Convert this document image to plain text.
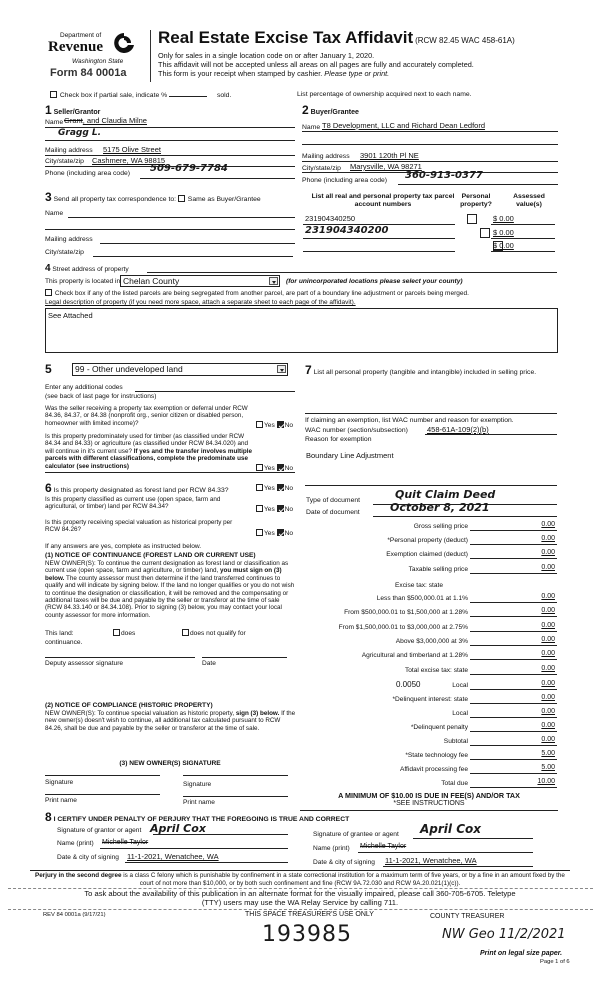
Department of
Revenue
Washington State
Form 84 0001a
Real Estate Excise Tax Affidavit (RCW 82.45 WAC 458-61A)
Only for sales in a single location code on or after January 1, 2020.
This affidavit will not be accepted unless all areas on all pages are fully and accurately completed.
This form is your receipt when stamped by cashier. Please type or print.
Check box if partial sale, indicate %	sold.	List percentage of ownership acquired next to each name.
1 Seller/Grantor
Name Grant, and Claudia Milne
Gragg L.
Mailing address 5175 Olive Street
City/state/zip Cashmere, WA 98815
Phone (including area code) 509-679-7784
3 Send all property tax correspondence to: Same as Buyer/Grantee
Name
Mailing address
City/state/zip
2 Buyer/Grantee
Name T8 Development, LLC and Richard Dean Ledford
Mailing address 3901 120th Pl NE
City/state/zip Marysville, WA 98271
Phone (including area code) 360-913-0377
List all real and personal property tax parcel account numbers
Personal property?
Assessed value(s)
231904340250
	$ 0.00
231904340200
	$ 0.00
$ 0.00
4 Street address of property
This property is located in Chelan County	(for unincorporated locations please select your county)
Check box if any of the listed parcels are being segregated from another parcel, are part of a boundary line adjustment or parcels being merged.
Legal description of property (if you need more space, attach a separate sheet to each page of the affidavit).
See Attached
5	99 - Other undeveloped land
Enter any additional codes
(see back of last page for instructions)
Was the seller receiving a property tax exemption or deferral under RCW 84.36, 84.37, or 84.38 (nonprofit org., senior citizen or disabled person, homeowner with limited income)?	Yes No
Is this property predominately used for timber (as classified under RCW 84.34 and 84.33) or agriculture (as classified under RCW 84.34.020) and will continue in it's current use? If yes and the transfer involves multiple parcels with different classifications, complete the predominate use calculator (see instructions)	Yes No
6 Is this property designated as forest land per RCW 84.33?	Yes No
Is this property classified as current use (open space, farm and agricultural, or timber) land per RCW 84.34?	Yes No
Is this property receiving special valuation as historical property per RCW 84.26?
Yes No
If any answers are yes, complete as instructed below.
(1) NOTICE OF CONTINUANCE (FOREST LAND OR CURRENT USE)
NEW OWNER(S): To continue the current designation as forest land or classification as current use (open space, farm and agriculture, or timber) land, you must sign on (3) below. The county assessor must then determine if the land transferred continues to qualify and will indicate by signing below. If the land no longer qualifies or you do not wish to continue the designation or classification, it will be removed and the compensating or additional taxes will be due and payable by the seller or transferor at the time of sale (RCW 84.33.140 or 84.34.108). Prior to signing (3) below, you may contact your local county assessor for more information.
This land:	does	does not qualify for
continuance.
Deputy assessor signature	Date
(2) NOTICE OF COMPLIANCE (HISTORIC PROPERTY)
NEW OWNER(S): To continue special valuation as historic property, sign (3) below. If the new owner(s) doesn't wish to continue, all additional tax calculated pursuant to RCW 84.26, shall be due and payable by the seller or transferor at the time of sale.
(3) NEW OWNER(S) SIGNATURE
Signature	Signature
Print name	Print name
7 List all personal property (tangible and intangible) included in selling price.
If claiming an exemption, list WAC number and reason for exemption.
WAC number (section/subsection)	458-61A-109(2)(b)
Reason for exemption
Boundary Line Adjustment
Type of document	Quit Claim Deed
Date of document	October 8, 2021
Gross selling price	0.00
*Personal property (deduct)	0.00
Exemption claimed (deduct)	0.00
Taxable selling price	0.00
Excise tax: state
Less than $500,000.01 at 1.1%	0.00
From $500,000.01 to $1,500,000 at 1.28%	0.00
From $1,500,000.01 to $3,000,000 at 2.75%	0.00
Above $3,000,000 at 3%	0.00
Agricultural and timberland at 1.28%	0.00
Total excise tax: state	0.00
0.0050	Local	0.00
*Delinquent interest: state	0.00
Local	0.00
*Delinquent penalty	0.00
Subtotal	0.00
*State technology fee	5.00
Affidavit processing fee	5.00
Total due	10.00
A MINIMUM OF $10.00 IS DUE IN FEE(S) AND/OR TAX
*SEE INSTRUCTIONS
8 I CERTIFY UNDER PENALTY OF PERJURY THAT THE FOREGOING IS TRUE AND CORRECT
Signature of grantor or agent April Cox
Name (print) Michelle Taylor
Date & city of signing 11-1-2021, Wenatchee, WA
Signature of grantee or agent April Cox
Name (print) Michelle Taylor
Date & city of signing 11-1-2021, Wenatchee, WA
Perjury in the second degree is a class C felony which is punishable by confinement in a state correctional institution for a maximum term of five years, or by a fine in an amount fixed by the court of not more than $10,000, or by both such confinement and fine (RCW 9A.72.030 and RCW 9A.20.021(1)(c)).
To ask about the availability of this publication in an alternate format for the visually impaired, please call 360-705-6705. Teletype (TTY) users may use the WA Relay Service by calling 711.
REV 84 0001a (9/17/21)	THIS SPACE TREASURER'S USE ONLY	COUNTY TREASURER
193985	NW Geo 11/2/2021
Print on legal size paper.
Page 1 of 6
